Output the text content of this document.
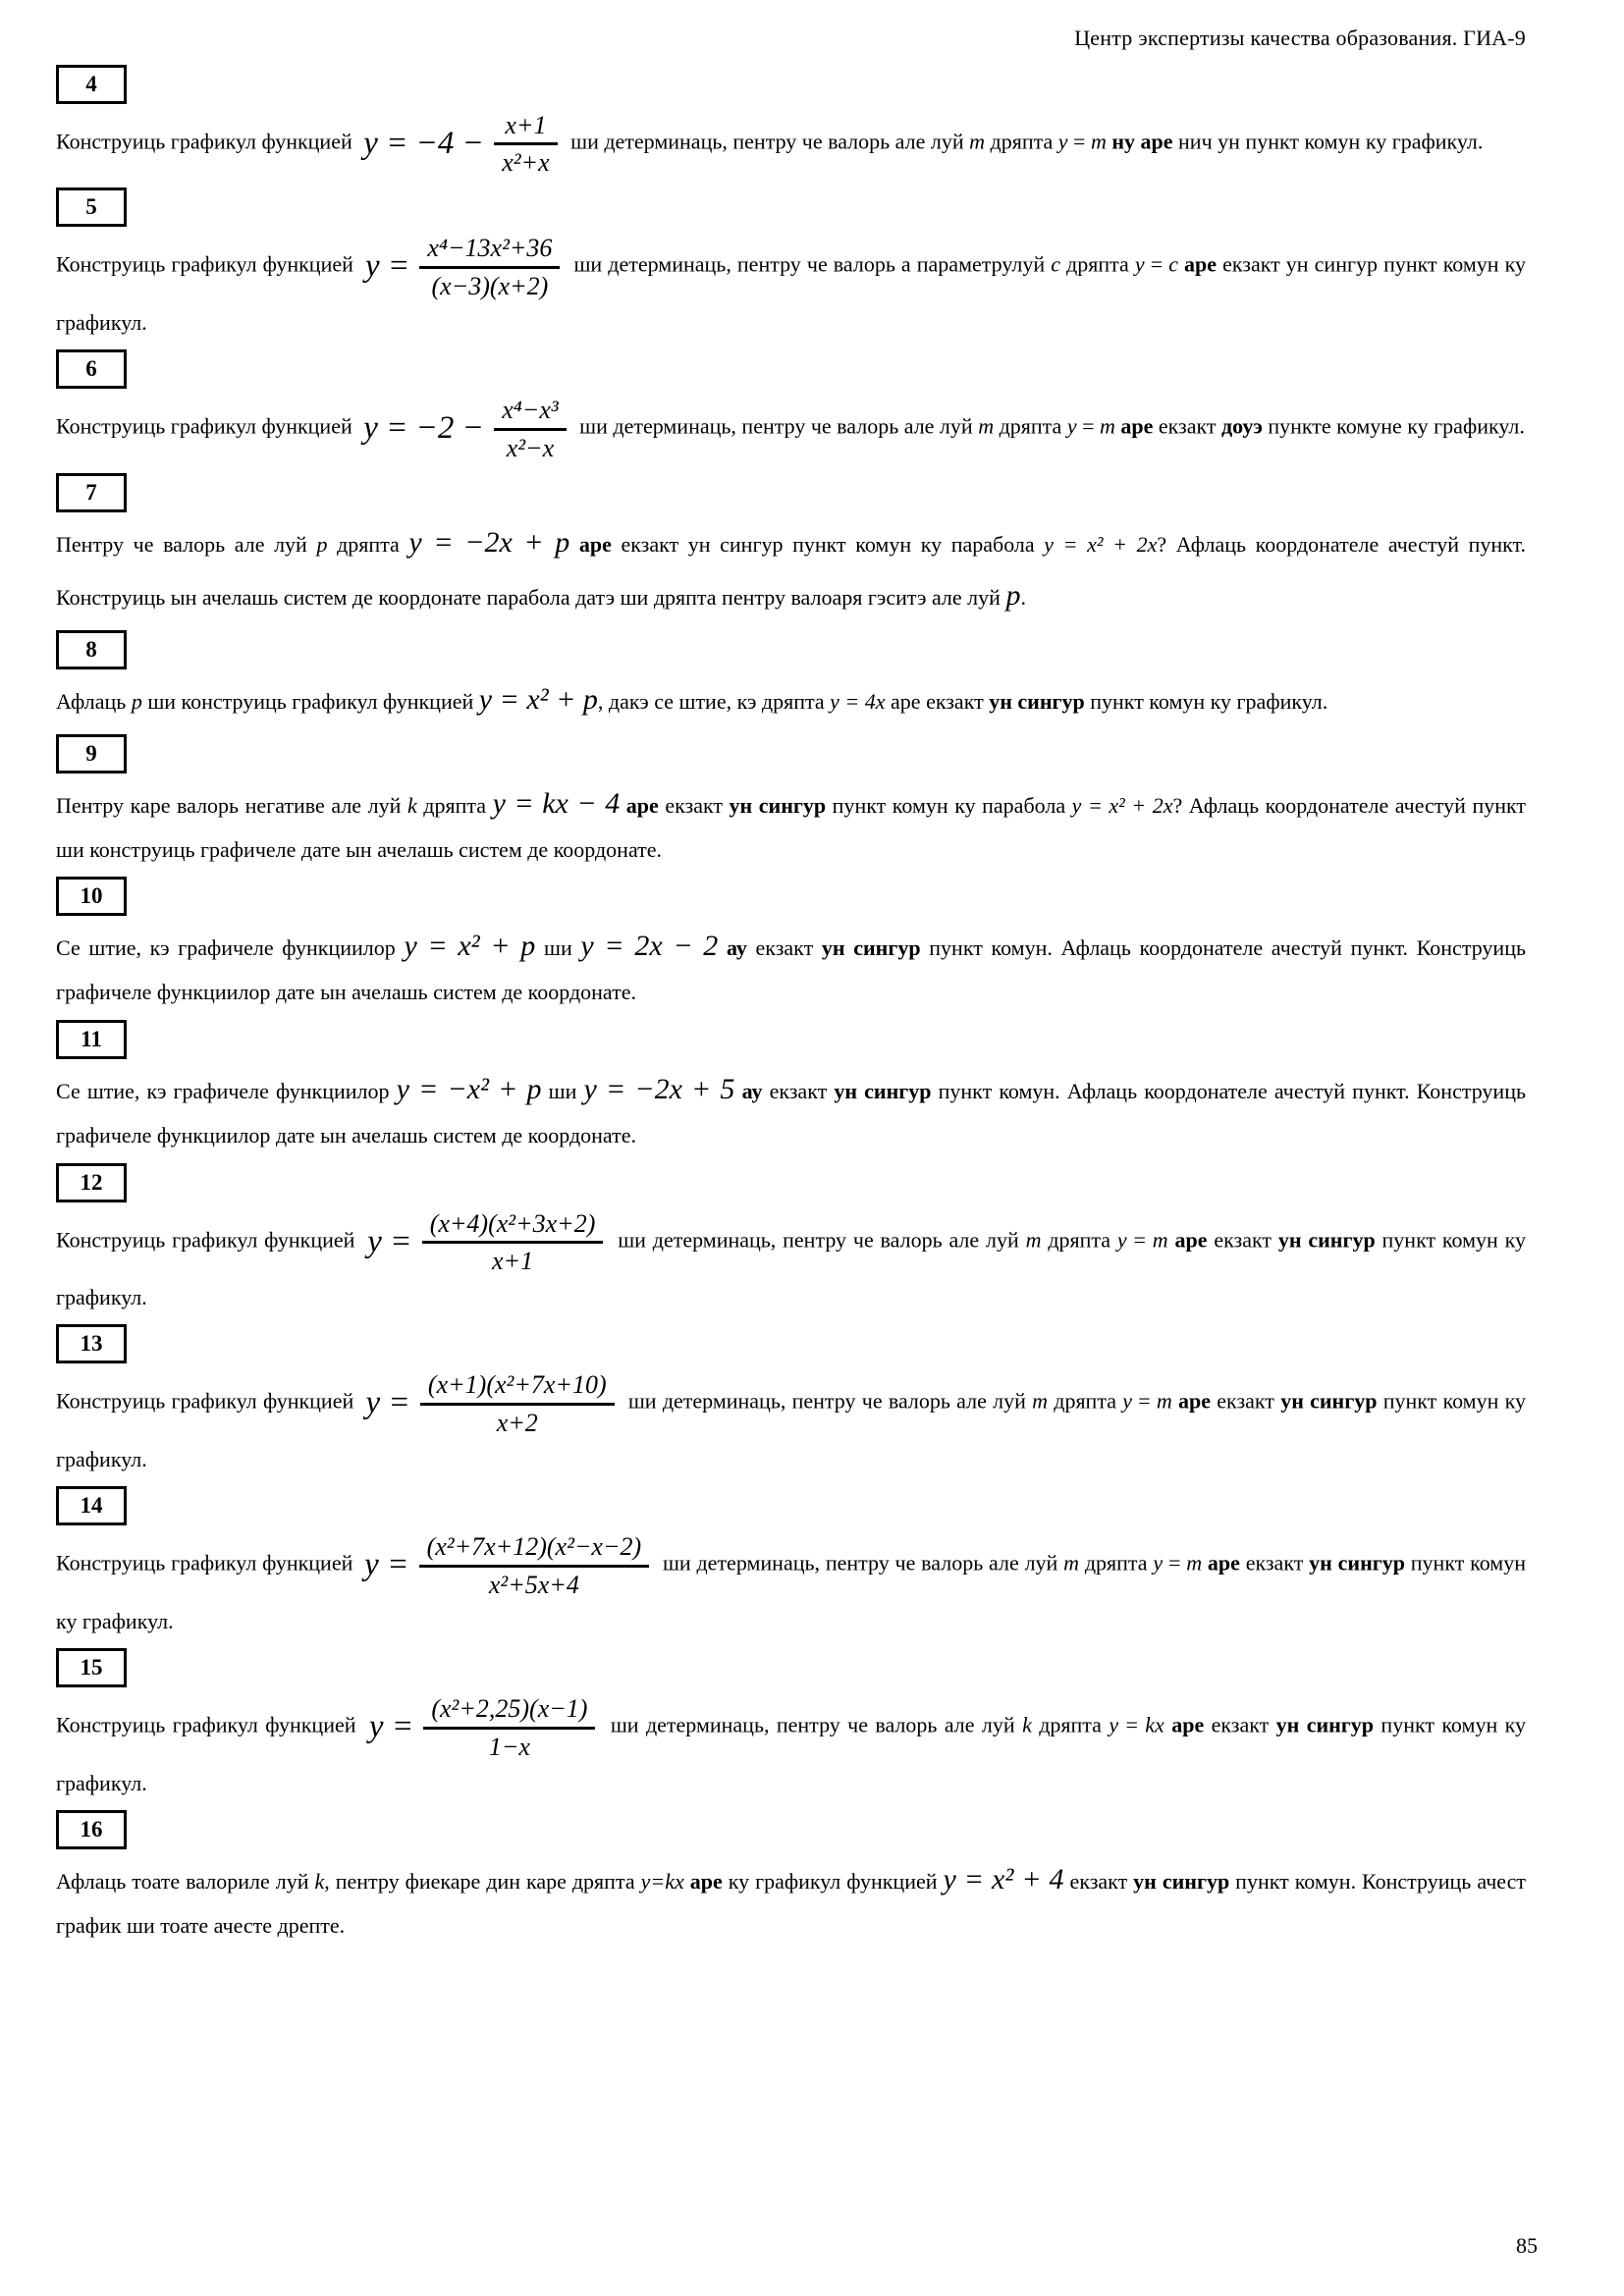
Центр экспертизы качества образования. ГИА-9
4

Конструиць графикул функцией $y = -4 - \frac{x+1}{\text{x²+x}}$ ши детерминаць, пентру че валорь але луй m дряпта y = m ну аре нич ун пункт комун ку графикул.

5

Конструиць графикул функцией $y = \frac{\text{x⁴−13x²+36}}{(x-3)(x+2)}$ ши детерминаць, пентру че валорь а параметрулуй c дряпта y = c аре екзакт ун сингур пункт комун ку графикул.

6

Конструиць графикул функцией $y = -2 - \frac{\text{x⁴−x³}}{\text{x²−x}}$ ши детерминаць, пентру че валорь але луй m дряпта y = m аре екзакт доуэ пункте комуне ку графикул.

7

Пентру че валорь але луй p дряпта y = −2x + p аре екзакт ун сингур пункт комун ку парабола y = x² + 2x? Афлаць коордонателе ачестуй пункт. Конструиць ын ачелашь систем де коордонате парабола датэ ши дряпта пентру валоаря гэситэ але луй p.

8

Афлаць p ши конструиць графикул функцией y = x² + p, дакэ се штие, кэ дряпта y = 4x аре екзакт ун сингур пункт комун ку графикул.

9

Пентру каре валорь негативе але луй k дряпта y = kx − 4 аре екзакт ун сингур пункт комун ку парабола y = x² + 2x? Афлаць коордонателе ачестуй пункт ши конструиць графичеле дате ын ачелашь систем де коордонате.

10

Се штие, кэ графичеле функциилор y = x² + p ши y = 2x − 2 ау екзакт ун сингур пункт комун. Афлаць коордонателе ачестуй пункт. Конструиць графичеле функциилор дате ын ачелашь систем де коордонате.

11

Се штие, кэ графичеле функциилор y = −x² + p ши y = −2x + 5 ау екзакт ун сингур пункт комун. Афлаць коордонателе ачестуй пункт. Конструиць графичеле функциилор дате ын ачелашь систем де коордонате.

12

Конструиць графикул функцией $y = \frac{\text{(x+4)(x²+3x+2)}}{x+1}$ ши детерминаць, пентру че валорь але луй m дряпта y = m аре екзакт ун сингур пункт комун ку графикул.

13

Конструиць графикул функцией $y = \frac{\text{(x+1)(x²+7x+10)}}{x+2}$ ши детерминаць, пентру че валорь але луй m дряпта y = m аре екзакт ун сингур пункт комун ку графикул.

14

Конструиць графикул функцией $y = \frac{\text{(x²+7x+12)(x²−x−2)}}{\text{x²+5x+4}}$ ши детерминаць, пентру че валорь але луй m дряпта y = m аре екзакт ун сингур пункт комун ку графикул.

15

Конструиць графикул функцией $y = \frac{\text{(x²+2,25)(x−1)}}{1-x}$ ши детерминаць, пентру че валорь але луй k дряпта y = kx аре екзакт ун сингур пункт комун ку графикул.

16

Афлаць тоате валориле луй k, пентру фиекаре дин каре дряпта y=kx аре ку графикул функцией y = x² + 4 екзакт ун сингур пункт комун. Конструиць ачест график ши тоате ачесте дрепте.

85
